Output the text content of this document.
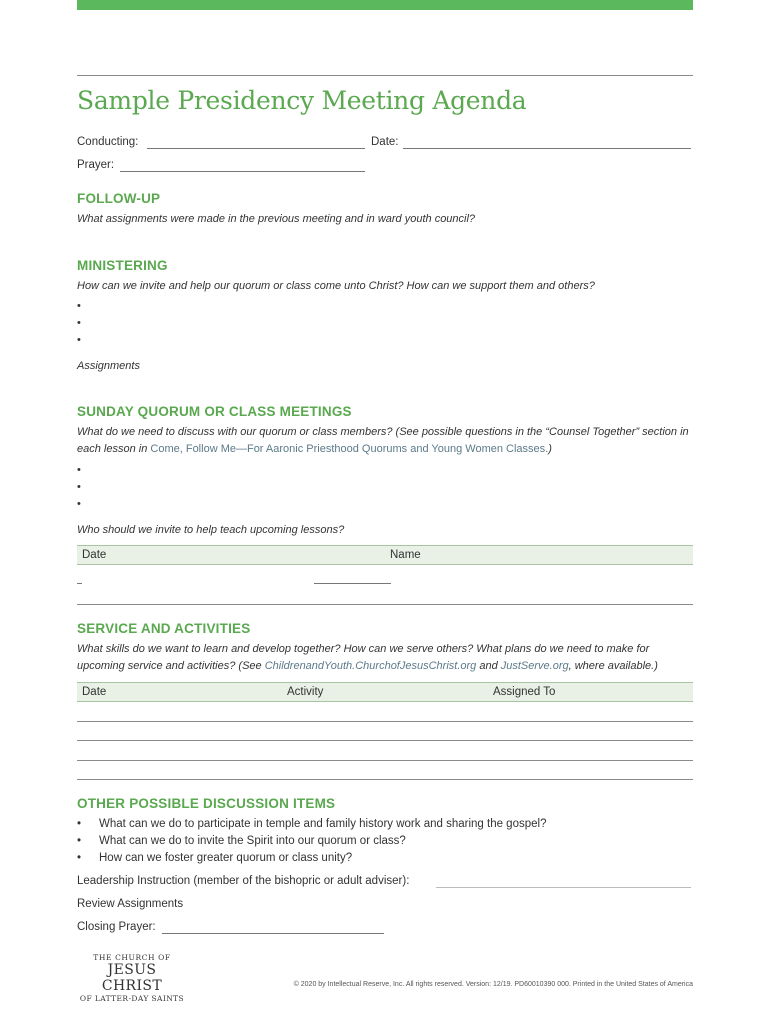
Sample Presidency Meeting Agenda
Conducting:	Date:
Prayer:
FOLLOW-UP
What assignments were made in the previous meeting and in ward youth council?
MINISTERING
How can we invite and help our quorum or class come unto Christ? How can we support them and others?
•
•
•
Assignments
SUNDAY QUORUM OR CLASS MEETINGS
What do we need to discuss with our quorum or class members? (See possible questions in the “Counsel Together” section in each lesson in Come, Follow Me—For Aaronic Priesthood Quorums and Young Women Classes.)
•
•
•
Who should we invite to help teach upcoming lessons?
Date	Name
SERVICE AND ACTIVITIES
What skills do we want to learn and develop together? How can we serve others? What plans do we need to make for upcoming service and activities? (See ChildrenandYouth.ChurchofJesusChrist.org and JustServe.org, where available.)
Date	Activity	Assigned To
OTHER POSSIBLE DISCUSSION ITEMS
• What can we do to participate in temple and family history work and sharing the gospel?
• What can we do to invite the Spirit into our quorum or class?
• How can we foster greater quorum or class unity?
Leadership Instruction (member of the bishopric or adult adviser):
Review Assignments
Closing Prayer:
THE CHURCH OF
JESUS CHRIST
OF LATTER-DAY SAINTS
© 2020 by Intellectual Reserve, Inc. All rights reserved. Version: 12/19. PD60010390 000. Printed in the United States of America
